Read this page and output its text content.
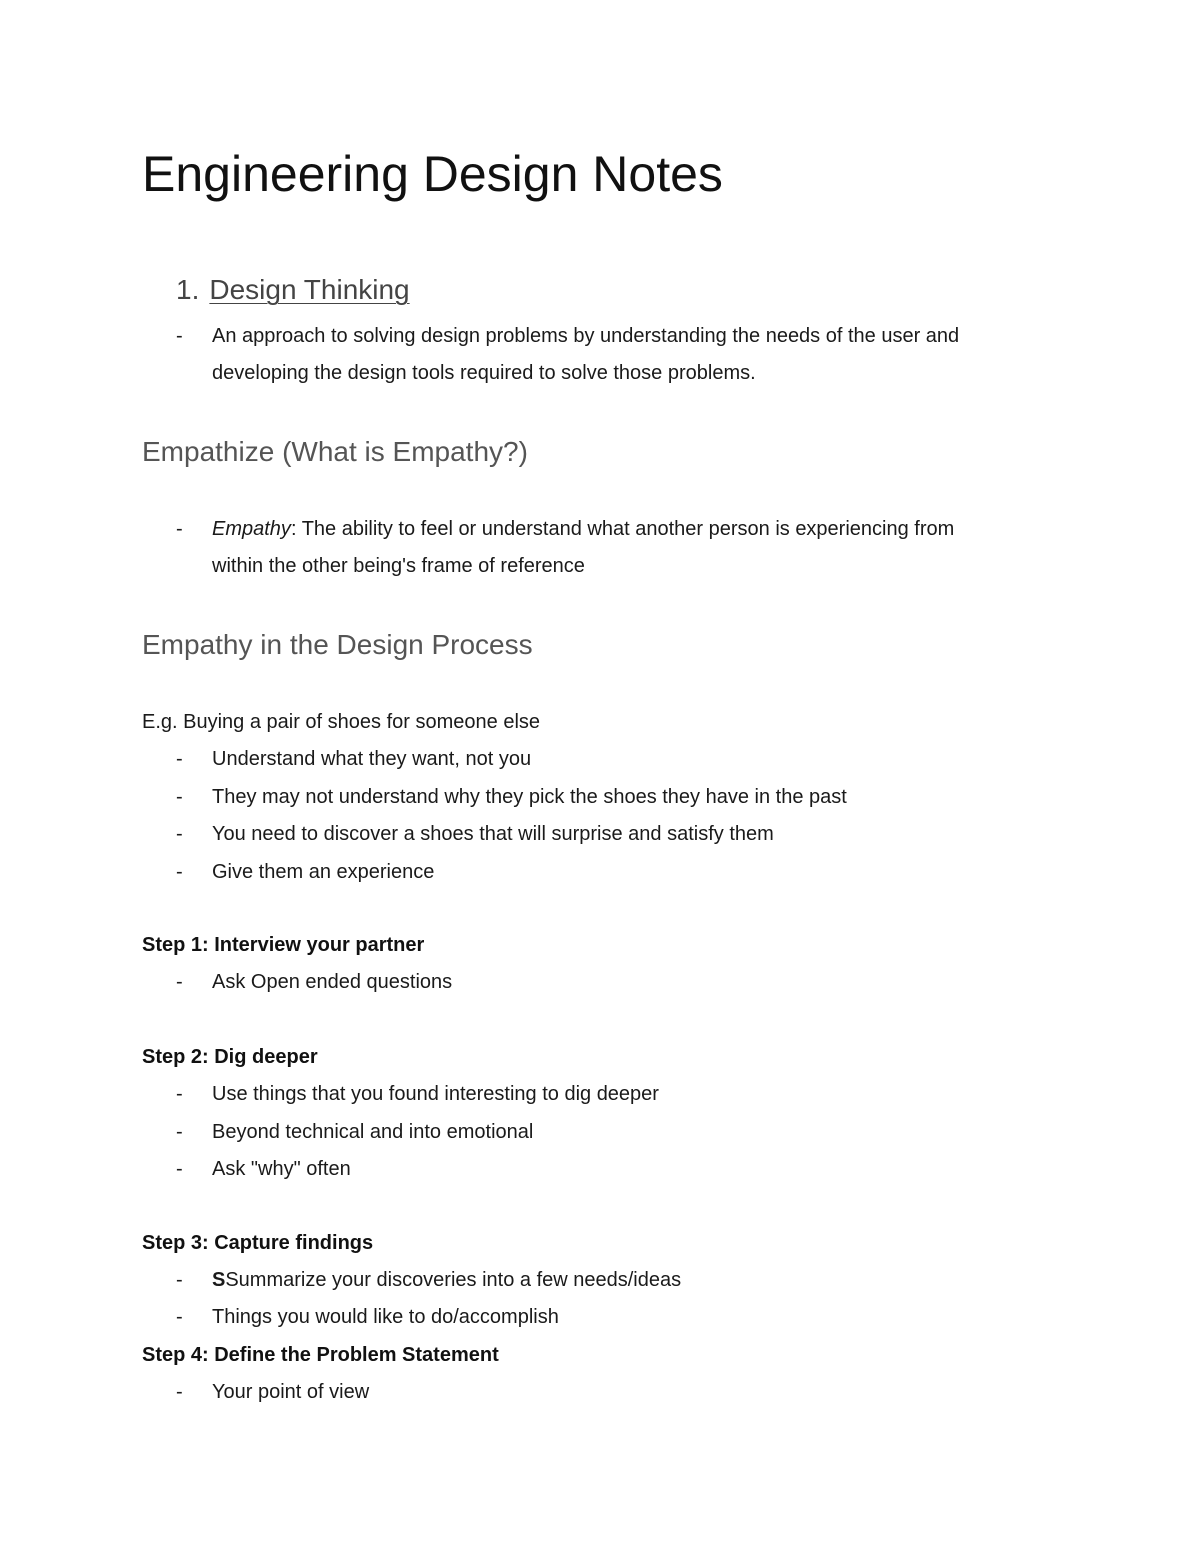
Engineering Design Notes
1. Design Thinking
- An approach to solving design problems by understanding the needs of the user and
developing the design tools required to solve those problems.
Empathize (What is Empathy?)
- Empathy: The ability to feel or understand what another person is experiencing from
within the other being's frame of reference
Empathy in the Design Process
E.g. Buying a pair of shoes for someone else
- Understand what they want, not you
- They may not understand why they pick the shoes they have in the past
- You need to discover a shoes that will surprise and satisfy them
- Give them an experience
Step 1: Interview your partner
- Ask Open ended questions
Step 2: Dig deeper
- Use things that you found interesting to dig deeper
- Beyond technical and into emotional
- Ask "why" often
Step 3: Capture findings
- SSummarize your discoveries into a few needs/ideas
- Things you would like to do/accomplish
Step 4: Define the Problem Statement
- Your point of view
